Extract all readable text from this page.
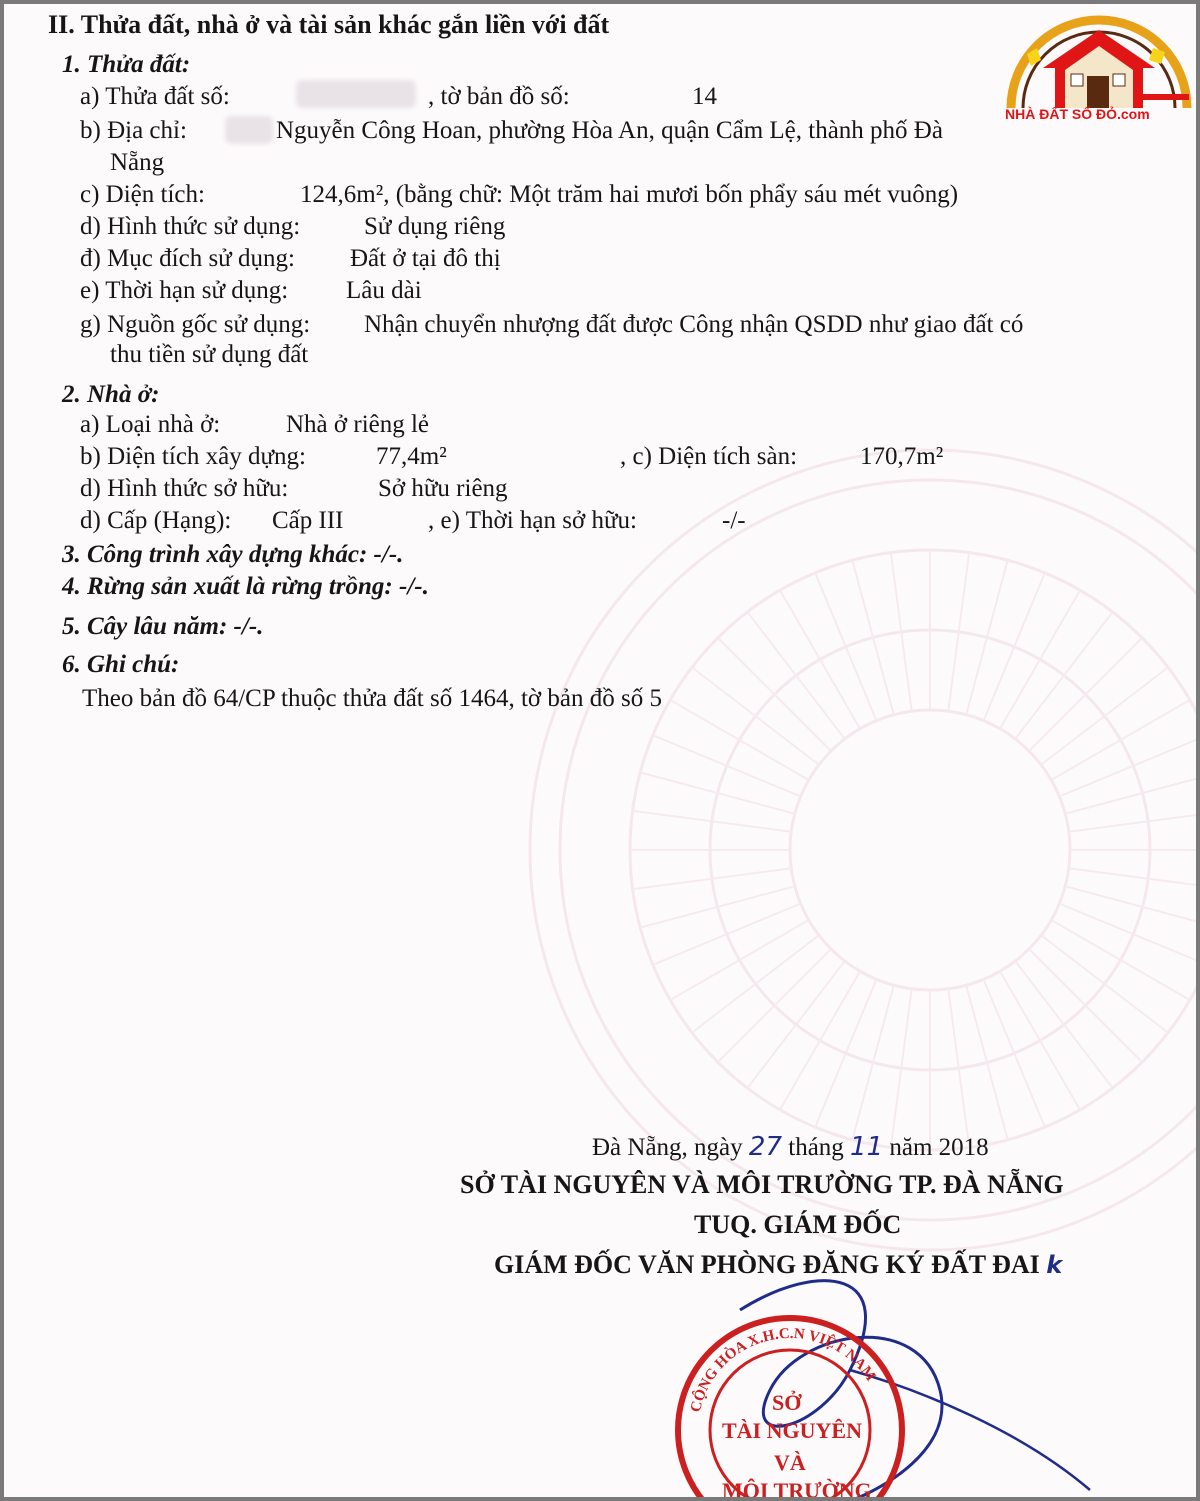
NHÀ ĐẤT SỔ ĐỎ.com
II. Thửa đất, nhà ở và tài sản khác gắn liền với đất
1. Thửa đất:
a) Thửa đất số:	, tờ bản đồ số:	14
b) Địa chỉ:	Nguyễn Công Hoan, phường Hòa An, quận Cẩm Lệ, thành phố Đà
Nẵng
c) Diện tích:	124,6m², (bằng chữ: Một trăm hai mươi bốn phẩy sáu mét vuông)
d) Hình thức sử dụng:	Sử dụng riêng
đ) Mục đích sử dụng: Đất ở tại đô thị
e) Thời hạn sử dụng: Lâu dài
g) Nguồn gốc sử dụng: Nhận chuyển nhượng đất được Công nhận QSDD như giao đất có
thu tiền sử dụng đất
2. Nhà ở:
a) Loại nhà ở:	Nhà ở riêng lẻ
b) Diện tích xây dựng:	77,4m²	, c) Diện tích sàn:	170,7m²
d) Hình thức sở hữu:	Sở hữu riêng
d) Cấp (Hạng): Cấp III	, e) Thời hạn sở hữu:	-/-
3. Công trình xây dựng khác: -/-.
4. Rừng sản xuất là rừng trồng: -/-.
5. Cây lâu năm: -/-.
6. Ghi chú:
Theo bản đồ 64/CP thuộc thửa đất số 1464, tờ bản đồ số 5
Đà Nẵng, ngày 27 tháng 11 năm 2018
SỞ TÀI NGUYÊN VÀ MÔI TRƯỜNG TP. ĐÀ NẴNG
TUQ. GIÁM ĐỐC
GIÁM ĐỐC VĂN PHÒNG ĐĂNG KÝ ĐẤT ĐAI k
CỘNG HÒA X.H.C.N VIỆT NAM
SỞ
TÀI NGUYÊN
VÀ
MÔI TRƯỜNG
